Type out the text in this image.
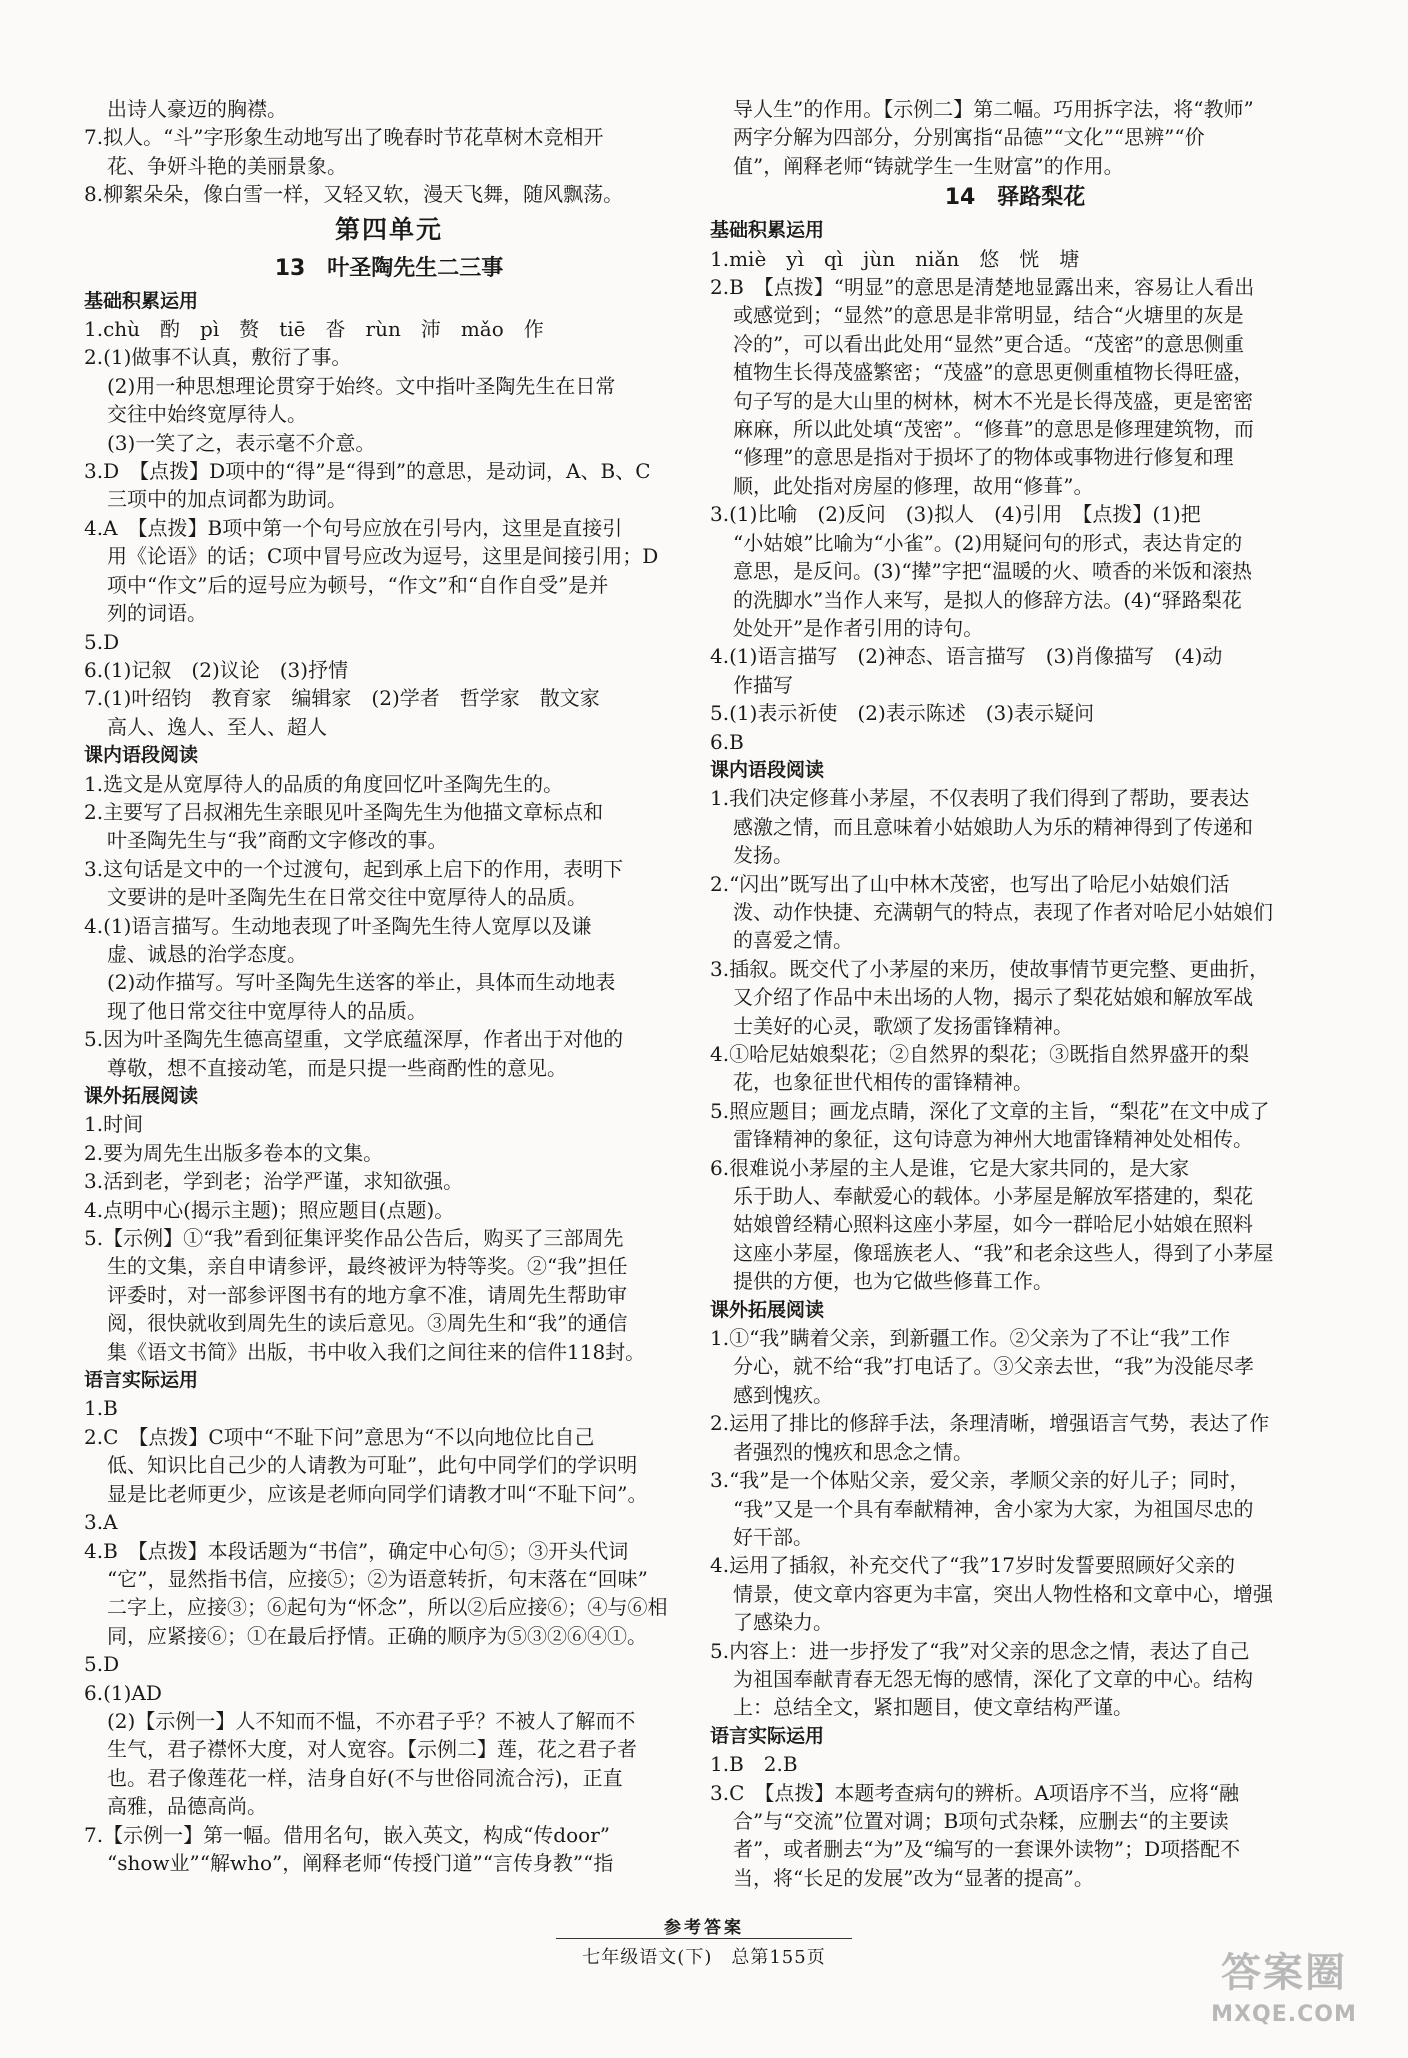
出诗人豪迈的胸襟。
7.拟人。“斗”字形象生动地写出了晚春时节花草树木竞相开
花、争妍斗艳的美丽景象。
8.柳絮朵朵，像白雪一样，又轻又软，漫天飞舞，随风飘荡。
第四单元
13　叶圣陶先生二三事
基础积累运用
1.chù　酌　pì　赘　tiē　沓　rùn　沛　mǎo　作
2.(1)做事不认真，敷衍了事。
(2)用一种思想理论贯穿于始终。文中指叶圣陶先生在日常
交往中始终宽厚待人。
(3)一笑了之，表示毫不介意。
3.D　【点拨】D项中的“得”是“得到”的意思，是动词，A、B、C
三项中的加点词都为助词。
4.A　【点拨】B项中第一个句号应放在引号内，这里是直接引
用《论语》的话；C项中冒号应改为逗号，这里是间接引用；D
项中“作文”后的逗号应为顿号，“作文”和“自作自受”是并
列的词语。
5.D
6.(1)记叙　(2)议论　(3)抒情
7.(1)叶绍钧　教育家　编辑家　(2)学者　哲学家　散文家
高人、逸人、至人、超人
课内语段阅读
1.选文是从宽厚待人的品质的角度回忆叶圣陶先生的。
2.主要写了吕叔湘先生亲眼见叶圣陶先生为他描文章标点和
叶圣陶先生与“我”商酌文字修改的事。
3.这句话是文中的一个过渡句，起到承上启下的作用，表明下
文要讲的是叶圣陶先生在日常交往中宽厚待人的品质。
4.(1)语言描写。生动地表现了叶圣陶先生待人宽厚以及谦
虚、诚恳的治学态度。
(2)动作描写。写叶圣陶先生送客的举止，具体而生动地表
现了他日常交往中宽厚待人的品质。
5.因为叶圣陶先生德高望重，文学底蕴深厚，作者出于对他的
尊敬，想不直接动笔，而是只提一些商酌性的意见。
课外拓展阅读
1.时间
2.要为周先生出版多卷本的文集。
3.活到老，学到老；治学严谨，求知欲强。
4.点明中心(揭示主题)；照应题目(点题)。
5.【示例】①“我”看到征集评奖作品公告后，购买了三部周先
生的文集，亲自申请参评，最终被评为特等奖。②“我”担任
评委时，对一部参评图书有的地方拿不准，请周先生帮助审
阅，很快就收到周先生的读后意见。③周先生和“我”的通信
集《语文书简》出版，书中收入我们之间往来的信件118封。
语言实际运用
1.B
2.C　【点拨】C项中“不耻下问”意思为“不以向地位比自己
低、知识比自己少的人请教为可耻”，此句中同学们的学识明
显是比老师更少，应该是老师向同学们请教才叫“不耻下问”。
3.A
4.B　【点拨】本段话题为“书信”，确定中心句⑤；③开头代词
“它”，显然指书信，应接⑤；②为语意转折，句末落在“回味”
二字上，应接③；⑥起句为“怀念”，所以②后应接⑥；④与⑥相
同，应紧接⑥；①在最后抒情。正确的顺序为⑤③②⑥④①。
5.D
6.(1)AD
(2)【示例一】人不知而不愠，不亦君子乎？不被人了解而不
生气，君子襟怀大度，对人宽容。【示例二】莲，花之君子者
也。君子像莲花一样，洁身自好(不与世俗同流合污)，正直
高雅，品德高尚。
7.【示例一】第一幅。借用名句，嵌入英文，构成“传door”
“show业”“解who”，阐释老师“传授门道”“言传身教”“指
导人生”的作用。【示例二】第二幅。巧用拆字法，将“教师”
两字分解为四部分，分别寓指“品德”“文化”“思辨”“价
值”，阐释老师“铸就学生一生财富”的作用。
14　驿路梨花
基础积累运用
1.miè　yì　qì　jùn　niǎn　悠　恍　塘
2.B　【点拨】“明显”的意思是清楚地显露出来，容易让人看出
或感觉到；“显然”的意思是非常明显，结合“火塘里的灰是
冷的”，可以看出此处用“显然”更合适。“茂密”的意思侧重
植物生长得茂盛繁密；“茂盛”的意思更侧重植物长得旺盛，
句子写的是大山里的树林，树木不光是长得茂盛，更是密密
麻麻，所以此处填“茂密”。“修葺”的意思是修理建筑物，而
“修理”的意思是指对于损坏了的物体或事物进行修复和理
顺，此处指对房屋的修理，故用“修葺”。
3.(1)比喻　(2)反问　(3)拟人　(4)引用　【点拨】(1)把
“小姑娘”比喻为“小雀”。(2)用疑问句的形式，表达肯定的
意思，是反问。(3)“撵”字把“温暖的火、喷香的米饭和滚热
的洗脚水”当作人来写，是拟人的修辞方法。(4)“驿路梨花
处处开”是作者引用的诗句。
4.(1)语言描写　(2)神态、语言描写　(3)肖像描写　(4)动
作描写
5.(1)表示祈使　(2)表示陈述　(3)表示疑问
6.B
课内语段阅读
1.我们决定修葺小茅屋，不仅表明了我们得到了帮助，要表达
感激之情，而且意味着小姑娘助人为乐的精神得到了传递和
发扬。
2.“闪出”既写出了山中林木茂密，也写出了哈尼小姑娘们活
泼、动作快捷、充满朝气的特点，表现了作者对哈尼小姑娘们
的喜爱之情。
3.插叙。既交代了小茅屋的来历，使故事情节更完整、更曲折，
又介绍了作品中未出场的人物，揭示了梨花姑娘和解放军战
士美好的心灵，歌颂了发扬雷锋精神。
4.①哈尼姑娘梨花；②自然界的梨花；③既指自然界盛开的梨
花，也象征世代相传的雷锋精神。
5.照应题目；画龙点睛，深化了文章的主旨，“梨花”在文中成了
雷锋精神的象征，这句诗意为神州大地雷锋精神处处相传。
6.很难说小茅屋的主人是谁，它是大家共同的，是大家
乐于助人、奉献爱心的载体。小茅屋是解放军搭建的，梨花
姑娘曾经精心照料这座小茅屋，如今一群哈尼小姑娘在照料
这座小茅屋，像瑶族老人、“我”和老余这些人，得到了小茅屋
提供的方便，也为它做些修葺工作。
课外拓展阅读
1.①“我”瞒着父亲，到新疆工作。②父亲为了不让“我”工作
分心，就不给“我”打电话了。③父亲去世，“我”为没能尽孝
感到愧疚。
2.运用了排比的修辞手法，条理清晰，增强语言气势，表达了作
者强烈的愧疚和思念之情。
3.“我”是一个体贴父亲，爱父亲，孝顺父亲的好儿子；同时，
“我”又是一个具有奉献精神，舍小家为大家，为祖国尽忠的
好干部。
4.运用了插叙，补充交代了“我”17岁时发誓要照顾好父亲的
情景，使文章内容更为丰富，突出人物性格和文章中心，增强
了感染力。
5.内容上：进一步抒发了“我”对父亲的思念之情，表达了自己
为祖国奉献青春无怨无悔的感情，深化了文章的中心。结构
上：总结全文，紧扣题目，使文章结构严谨。
语言实际运用
1.B　2.B
3.C　【点拨】本题考查病句的辨析。A项语序不当，应将“融
合”与“交流”位置对调；B项句式杂糅，应删去“的主要读
者”，或者删去“为”及“编写的一套课外读物”；D项搭配不
当，将“长足的发展”改为“显著的提高”。
参考答案
七年级语文(下)　总第155页	答案圈
MXQE.COM
